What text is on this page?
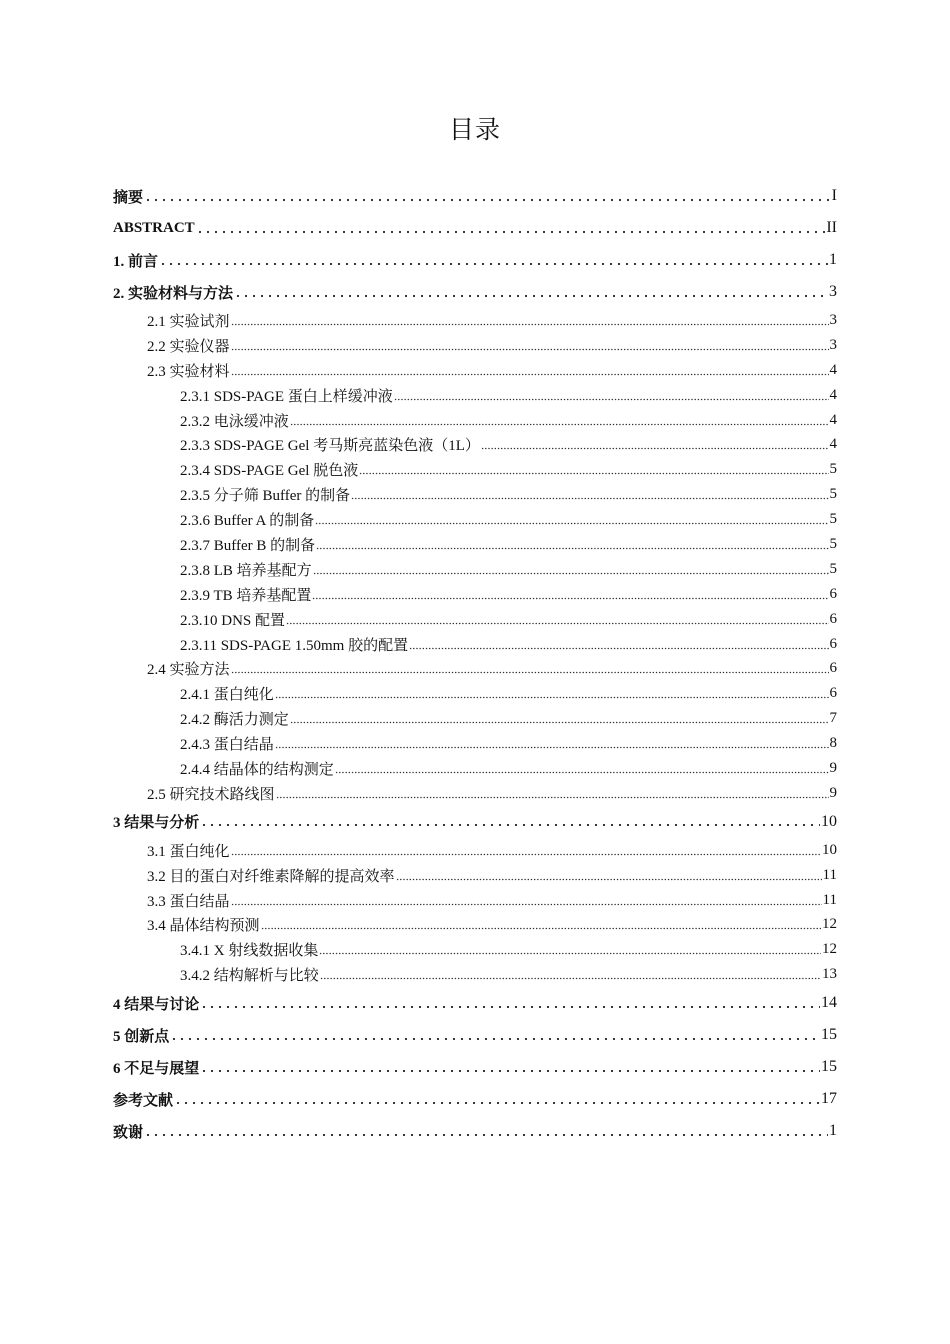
目录
摘要	I
ABSTRACT	II
1. 前言	1
2. 实验材料与方法	3
2.1 实验试剂	3
2.2 实验仪器	3
2.3 实验材料	4
2.3.1 SDS-PAGE 蛋白上样缓冲液	4
2.3.2 电泳缓冲液	4
2.3.3 SDS-PAGE Gel 考马斯亮蓝染色液（1L）	4
2.3.4 SDS-PAGE Gel 脱色液	5
2.3.5 分子筛 Buffer 的制备	5
2.3.6 Buffer A 的制备	5
2.3.7 Buffer B 的制备	5
2.3.8 LB 培养基配方	5
2.3.9 TB 培养基配置	6
2.3.10 DNS 配置	6
2.3.11 SDS-PAGE 1.50mm 胶的配置	6
2.4 实验方法	6
2.4.1 蛋白纯化	6
2.4.2 酶活力测定	7
2.4.3 蛋白结晶	8
2.4.4 结晶体的结构测定	9
2.5 研究技术路线图	9
3 结果与分析	10
3.1 蛋白纯化	10
3.2 目的蛋白对纤维素降解的提高效率	11
3.3 蛋白结晶	11
3.4 晶体结构预测	12
3.4.1 X 射线数据收集	12
3.4.2 结构解析与比较	13
4 结果与讨论	14
5 创新点	15
6 不足与展望	15
参考文献	17
致谢	1
